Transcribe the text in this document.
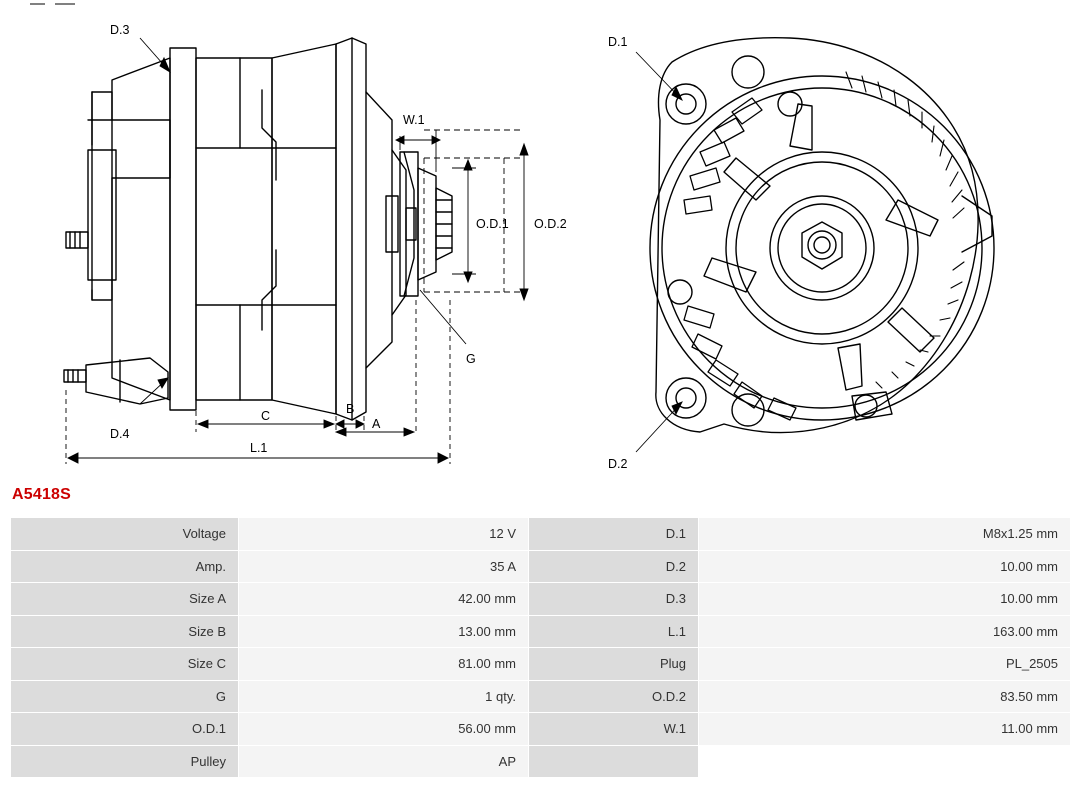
D.3
D.4
W.1
O.D.1 O.D.2
G
C	B
A
L.1
D.1
D.2
A5418S
Voltage	12 V	D.1	M8x1.25 mm
Amp.	35 A	D.2	10.00 mm
Size A	42.00 mm	D.3	10.00 mm
Size B	13.00 mm	L.1	163.00 mm
Size C	81.00 mm	Plug	PL_2505
G	1 qty.	O.D.2	83.50 mm
O.D.1	56.00 mm	W.1	11.00 mm
Pulley	AP		
